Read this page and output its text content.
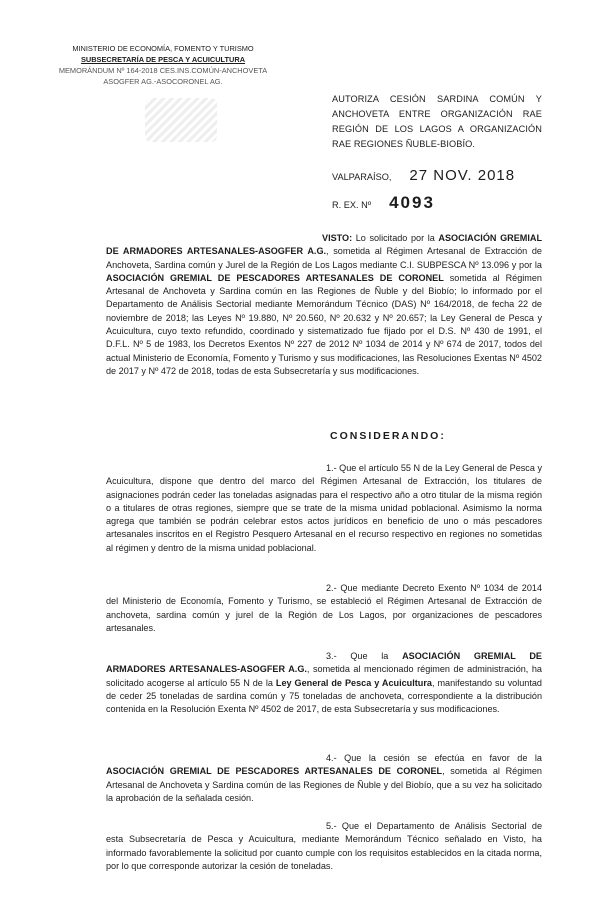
MINISTERIO DE ECONOMÍA, FOMENTO Y TURISMO
SUBSECRETARÍA DE PESCA Y ACUICULTURA
MEMORÁNDUM Nº 164-2018 CES.INS.COMÚN-ANCHOVETA
ASOGFER AG.-ASOCORONEL AG.
AUTORIZA CESIÓN SARDINA COMÚN Y ANCHOVETA ENTRE ORGANIZACIÓN RAE REGIÓN DE LOS LAGOS A ORGANIZACIÓN RAE REGIONES ÑUBLE-BIOBÍO.
VALPARAÍSO, 27 NOV. 2018
R. EX. Nº 4093
VISTO: Lo solicitado por la ASOCIACIÓN GREMIAL DE ARMADORES ARTESANALES-ASOGFER A.G., sometida al Régimen Artesanal de Extracción de Anchoveta, Sardina común y Jurel de la Región de Los Lagos mediante C.I. SUBPESCA Nº 13.096 y por la ASOCIACIÓN GREMIAL DE PESCADORES ARTESANALES DE CORONEL sometida al Régimen Artesanal de Anchoveta y Sardina común en las Regiones de Ñuble y del Biobío; lo informado por el Departamento de Análisis Sectorial mediante Memorándum Técnico (DAS) Nº 164/2018, de fecha 22 de noviembre de 2018; las Leyes Nº 19.880, Nº 20.560, Nº 20.632 y Nº 20.657; la Ley General de Pesca y Acuicultura, cuyo texto refundido, coordinado y sistematizado fue fijado por el D.S. Nº 430 de 1991, el D.F.L. Nº 5 de 1983, los Decretos Exentos Nº 227 de 2012 Nº 1034 de 2014 y Nº 674 de 2017, todos del actual Ministerio de Economía, Fomento y Turismo y sus modificaciones, las Resoluciones Exentas Nº 4502 de 2017 y Nº 472 de 2018, todas de esta Subsecretaría y sus modificaciones.
CONSIDERANDO:
1.- Que el artículo 55 N de la Ley General de Pesca y Acuicultura, dispone que dentro del marco del Régimen Artesanal de Extracción, los titulares de asignaciones podrán ceder las toneladas asignadas para el respectivo año a otro titular de la misma región o a titulares de otras regiones, siempre que se trate de la misma unidad poblacional. Asimismo la norma agrega que también se podrán celebrar estos actos jurídicos en beneficio de uno o más pescadores artesanales inscritos en el Registro Pesquero Artesanal en el recurso respectivo en regiones no sometidas al régimen y dentro de la misma unidad poblacional.
2.- Que mediante Decreto Exento Nº 1034 de 2014 del Ministerio de Economía, Fomento y Turismo, se estableció el Régimen Artesanal de Extracción de anchoveta, sardina común y jurel de la Región de Los Lagos, por organizaciones de pescadores artesanales.
3.- Que la ASOCIACIÓN GREMIAL DE ARMADORES ARTESANALES-ASOGFER A.G., sometida al mencionado régimen de administración, ha solicitado acogerse al artículo 55 N de la Ley General de Pesca y Acuicultura, manifestando su voluntad de ceder 25 toneladas de sardina común y 75 toneladas de anchoveta, correspondiente a la distribución contenida en la Resolución Exenta Nº 4502 de 2017, de esta Subsecretaría y sus modificaciones.
4.- Que la cesión se efectúa en favor de la ASOCIACIÓN GREMIAL DE PESCADORES ARTESANALES DE CORONEL, sometida al Régimen Artesanal de Anchoveta y Sardina común de las Regiones de Ñuble y del Biobío, que a su vez ha solicitado la aprobación de la señalada cesión.
5.- Que el Departamento de Análisis Sectorial de esta Subsecretaría de Pesca y Acuicultura, mediante Memorándum Técnico señalado en Visto, ha informado favorablemente la solicitud por cuanto cumple con los requisitos establecidos en la citada norma, por lo que corresponde autorizar la cesión de toneladas.
